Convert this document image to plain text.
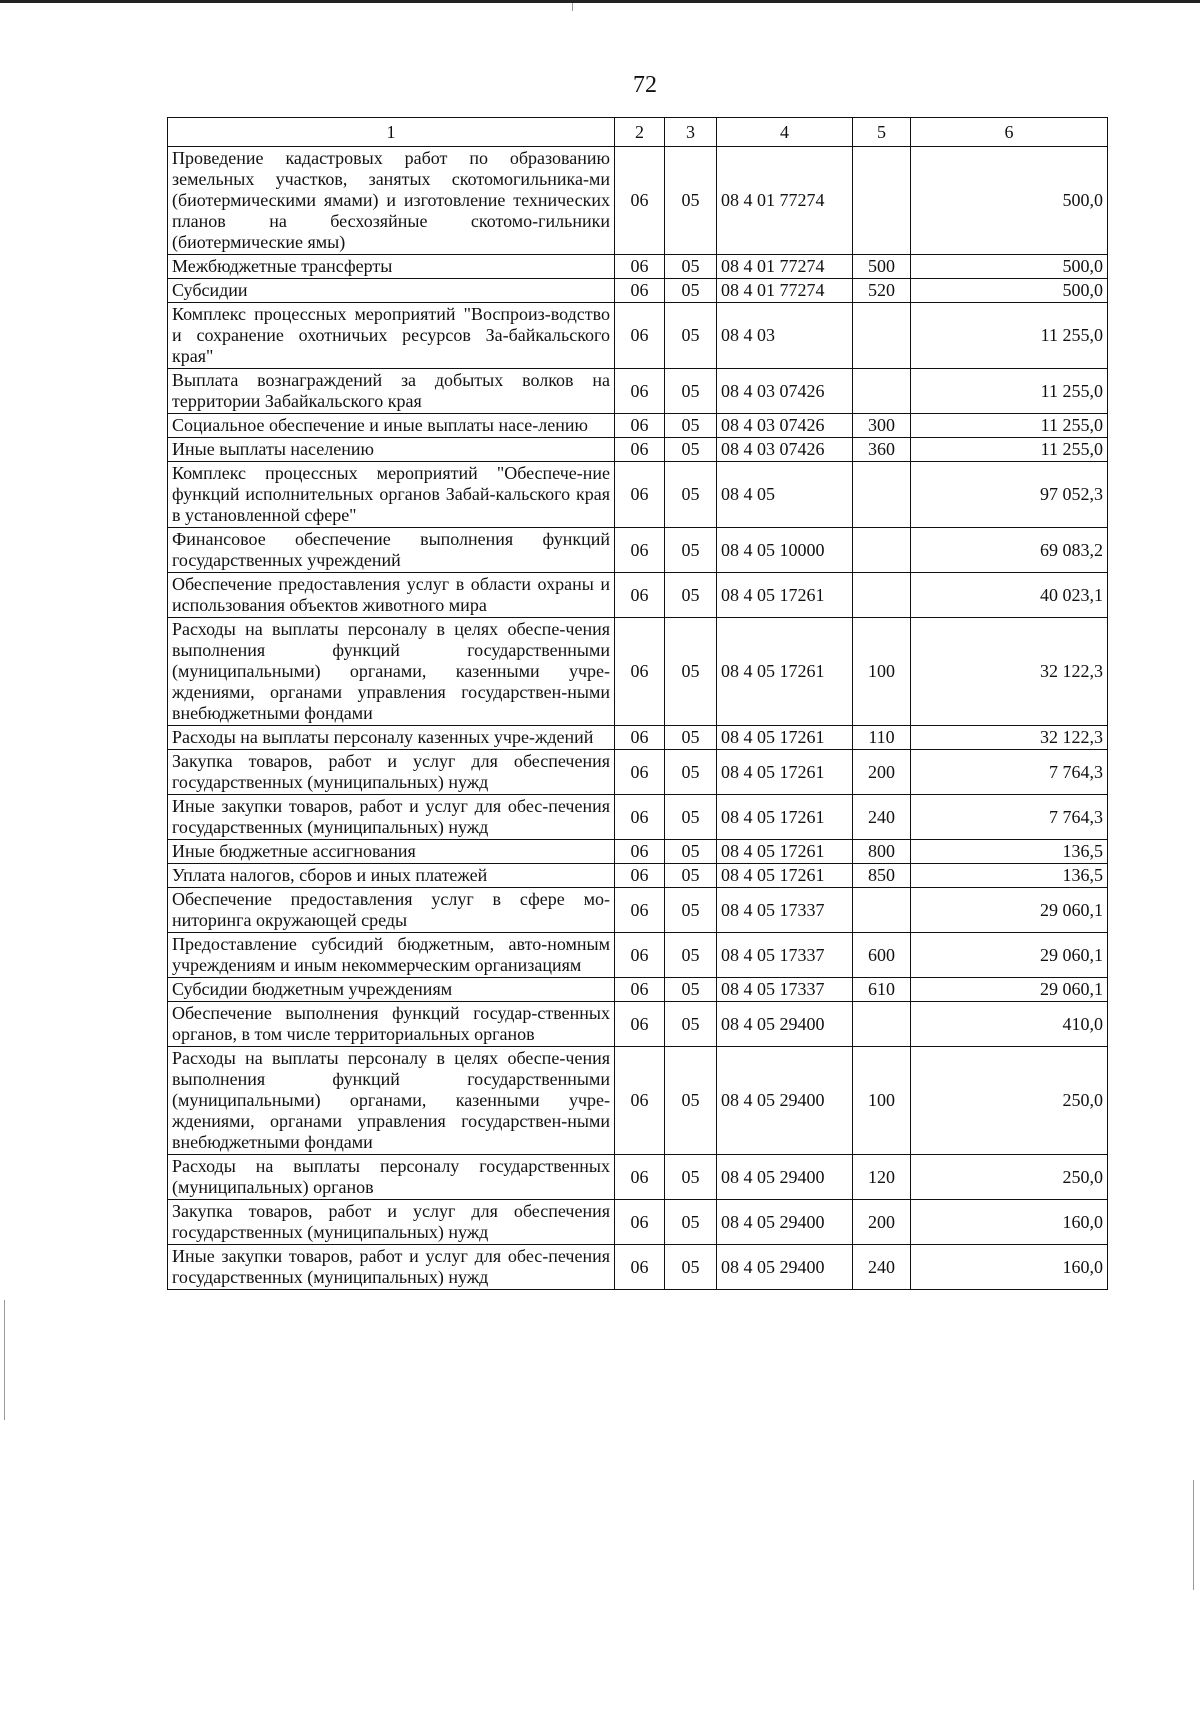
72
1	2	3	4	5	6
Проведение кадастровых работ по образованию земельных участков, занятых скотомогильника-ми (биотермическими ямами) и изготовление технических планов на бесхозяйные скотомо-гильники (биотермические ямы)	06	05	08 4 01 77274		500,0
Межбюджетные трансферты	06	05	08 4 01 77274	500	500,0
Субсидии	06	05	08 4 01 77274	520	500,0
Комплекс процессных мероприятий "Воспроиз-водство и сохранение охотничьих ресурсов За-байкальского края"	06	05	08 4 03		11 255,0
Выплата вознаграждений за добытых волков на территории Забайкальского края	06	05	08 4 03 07426		11 255,0
Социальное обеспечение и иные выплаты насе-лению	06	05	08 4 03 07426	300	11 255,0
Иные выплаты населению	06	05	08 4 03 07426	360	11 255,0
Комплекс процессных мероприятий "Обеспече-ние функций исполнительных органов Забай-кальского края в установленной сфере"	06	05	08 4 05		97 052,3
Финансовое обеспечение выполнения функций государственных учреждений	06	05	08 4 05 10000		69 083,2
Обеспечение предоставления услуг в области охраны и использования объектов животного мира	06	05	08 4 05 17261		40 023,1
Расходы на выплаты персоналу в целях обеспе-чения выполнения функций государственными (муниципальными) органами, казенными учре-ждениями, органами управления государствен-ными внебюджетными фондами	06	05	08 4 05 17261	100	32 122,3
Расходы на выплаты персоналу казенных учре-ждений	06	05	08 4 05 17261	110	32 122,3
Закупка товаров, работ и услуг для обеспечения государственных (муниципальных) нужд	06	05	08 4 05 17261	200	7 764,3
Иные закупки товаров, работ и услуг для обес-печения государственных (муниципальных) нужд	06	05	08 4 05 17261	240	7 764,3
Иные бюджетные ассигнования	06	05	08 4 05 17261	800	136,5
Уплата налогов, сборов и иных платежей	06	05	08 4 05 17261	850	136,5
Обеспечение предоставления услуг в сфере мо-ниторинга окружающей среды	06	05	08 4 05 17337		29 060,1
Предоставление субсидий бюджетным, авто-номным учреждениям и иным некоммерческим организациям	06	05	08 4 05 17337	600	29 060,1
Субсидии бюджетным учреждениям	06	05	08 4 05 17337	610	29 060,1
Обеспечение выполнения функций государ-ственных органов, в том числе территориальных органов	06	05	08 4 05 29400		410,0
Расходы на выплаты персоналу в целях обеспе-чения выполнения функций государственными (муниципальными) органами, казенными учре-ждениями, органами управления государствен-ными внебюджетными фондами	06	05	08 4 05 29400	100	250,0
Расходы на выплаты персоналу государственных (муниципальных) органов	06	05	08 4 05 29400	120	250,0
Закупка товаров, работ и услуг для обеспечения государственных (муниципальных) нужд	06	05	08 4 05 29400	200	160,0
Иные закупки товаров, работ и услуг для обес-печения государственных (муниципальных) нужд	06	05	08 4 05 29400	240	160,0
